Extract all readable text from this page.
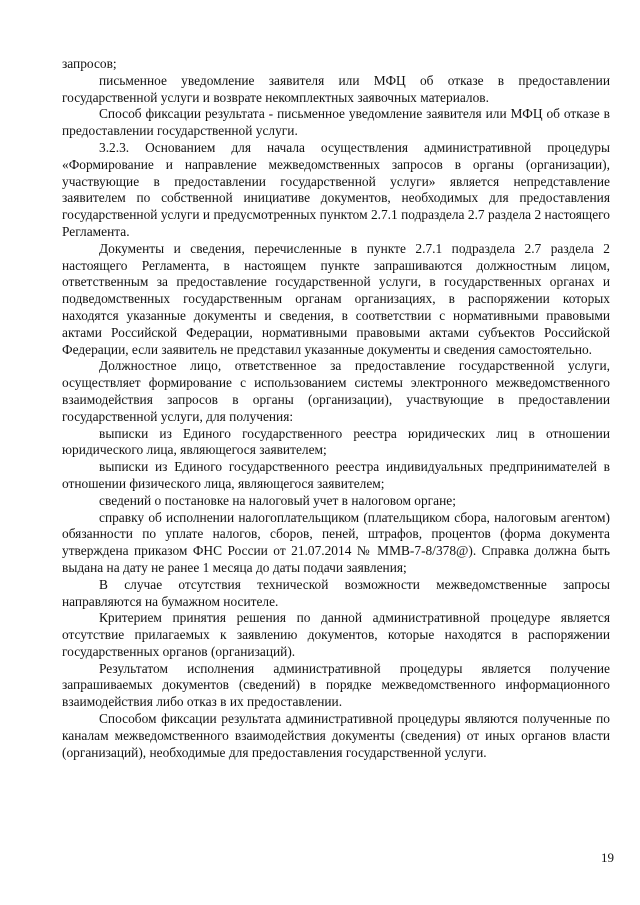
запросов;

письменное уведомление заявителя или МФЦ об отказе в предоставлении государственной услуги и возврате некомплектных заявочных материалов.

Способ фиксации результата - письменное уведомление заявителя или МФЦ об отказе в предоставлении государственной услуги.

3.2.3. Основанием для начала осуществления административной процедуры «Формирование и направление межведомственных запросов в органы (организации), участвующие в предоставлении государственной услуги» является непредставление заявителем по собственной инициативе документов, необходимых для предоставления государственной услуги и предусмотренных пунктом 2.7.1 подраздела 2.7 раздела 2 настоящего Регламента.

Документы и сведения, перечисленные в пункте 2.7.1 подраздела 2.7 раздела 2 настоящего Регламента, в настоящем пункте запрашиваются должностным лицом, ответственным за предоставление государственной услуги, в государственных органах и подведомственных государственным органам организациях, в распоряжении которых находятся указанные документы и сведения, в соответствии с нормативными правовыми актами Российской Федерации, нормативными правовыми актами субъектов Российской Федерации, если заявитель не представил указанные документы и сведения самостоятельно.

Должностное лицо, ответственное за предоставление государственной услуги, осуществляет формирование с использованием системы электронного межведомственного взаимодействия запросов в органы (организации), участвующие в предоставлении государственной услуги, для получения:

выписки из Единого государственного реестра юридических лиц в отношении юридического лица, являющегося заявителем;

выписки из Единого государственного реестра индивидуальных предпринимателей в отношении физического лица, являющегося заявителем;

сведений о постановке на налоговый учет в налоговом органе;

справку об исполнении налогоплательщиком (плательщиком сбора, налоговым агентом) обязанности по уплате налогов, сборов, пеней, штрафов, процентов (форма документа утверждена приказом ФНС России от 21.07.2014 № ММВ-7-8/378@). Справка должна быть выдана на дату не ранее 1 месяца до даты подачи заявления;

В случае отсутствия технической возможности межведомственные запросы направляются на бумажном носителе.

Критерием принятия решения по данной административной процедуре является отсутствие прилагаемых к заявлению документов, которые находятся в распоряжении государственных органов (организаций).

Результатом исполнения административной процедуры является получение запрашиваемых документов (сведений) в порядке межведомственного информационного взаимодействия либо отказ в их предоставлении.

Способом фиксации результата административной процедуры являются полученные по каналам межведомственного взаимодействия документы (сведения) от иных органов власти (организаций), необходимые для предоставления государственной услуги.

19
